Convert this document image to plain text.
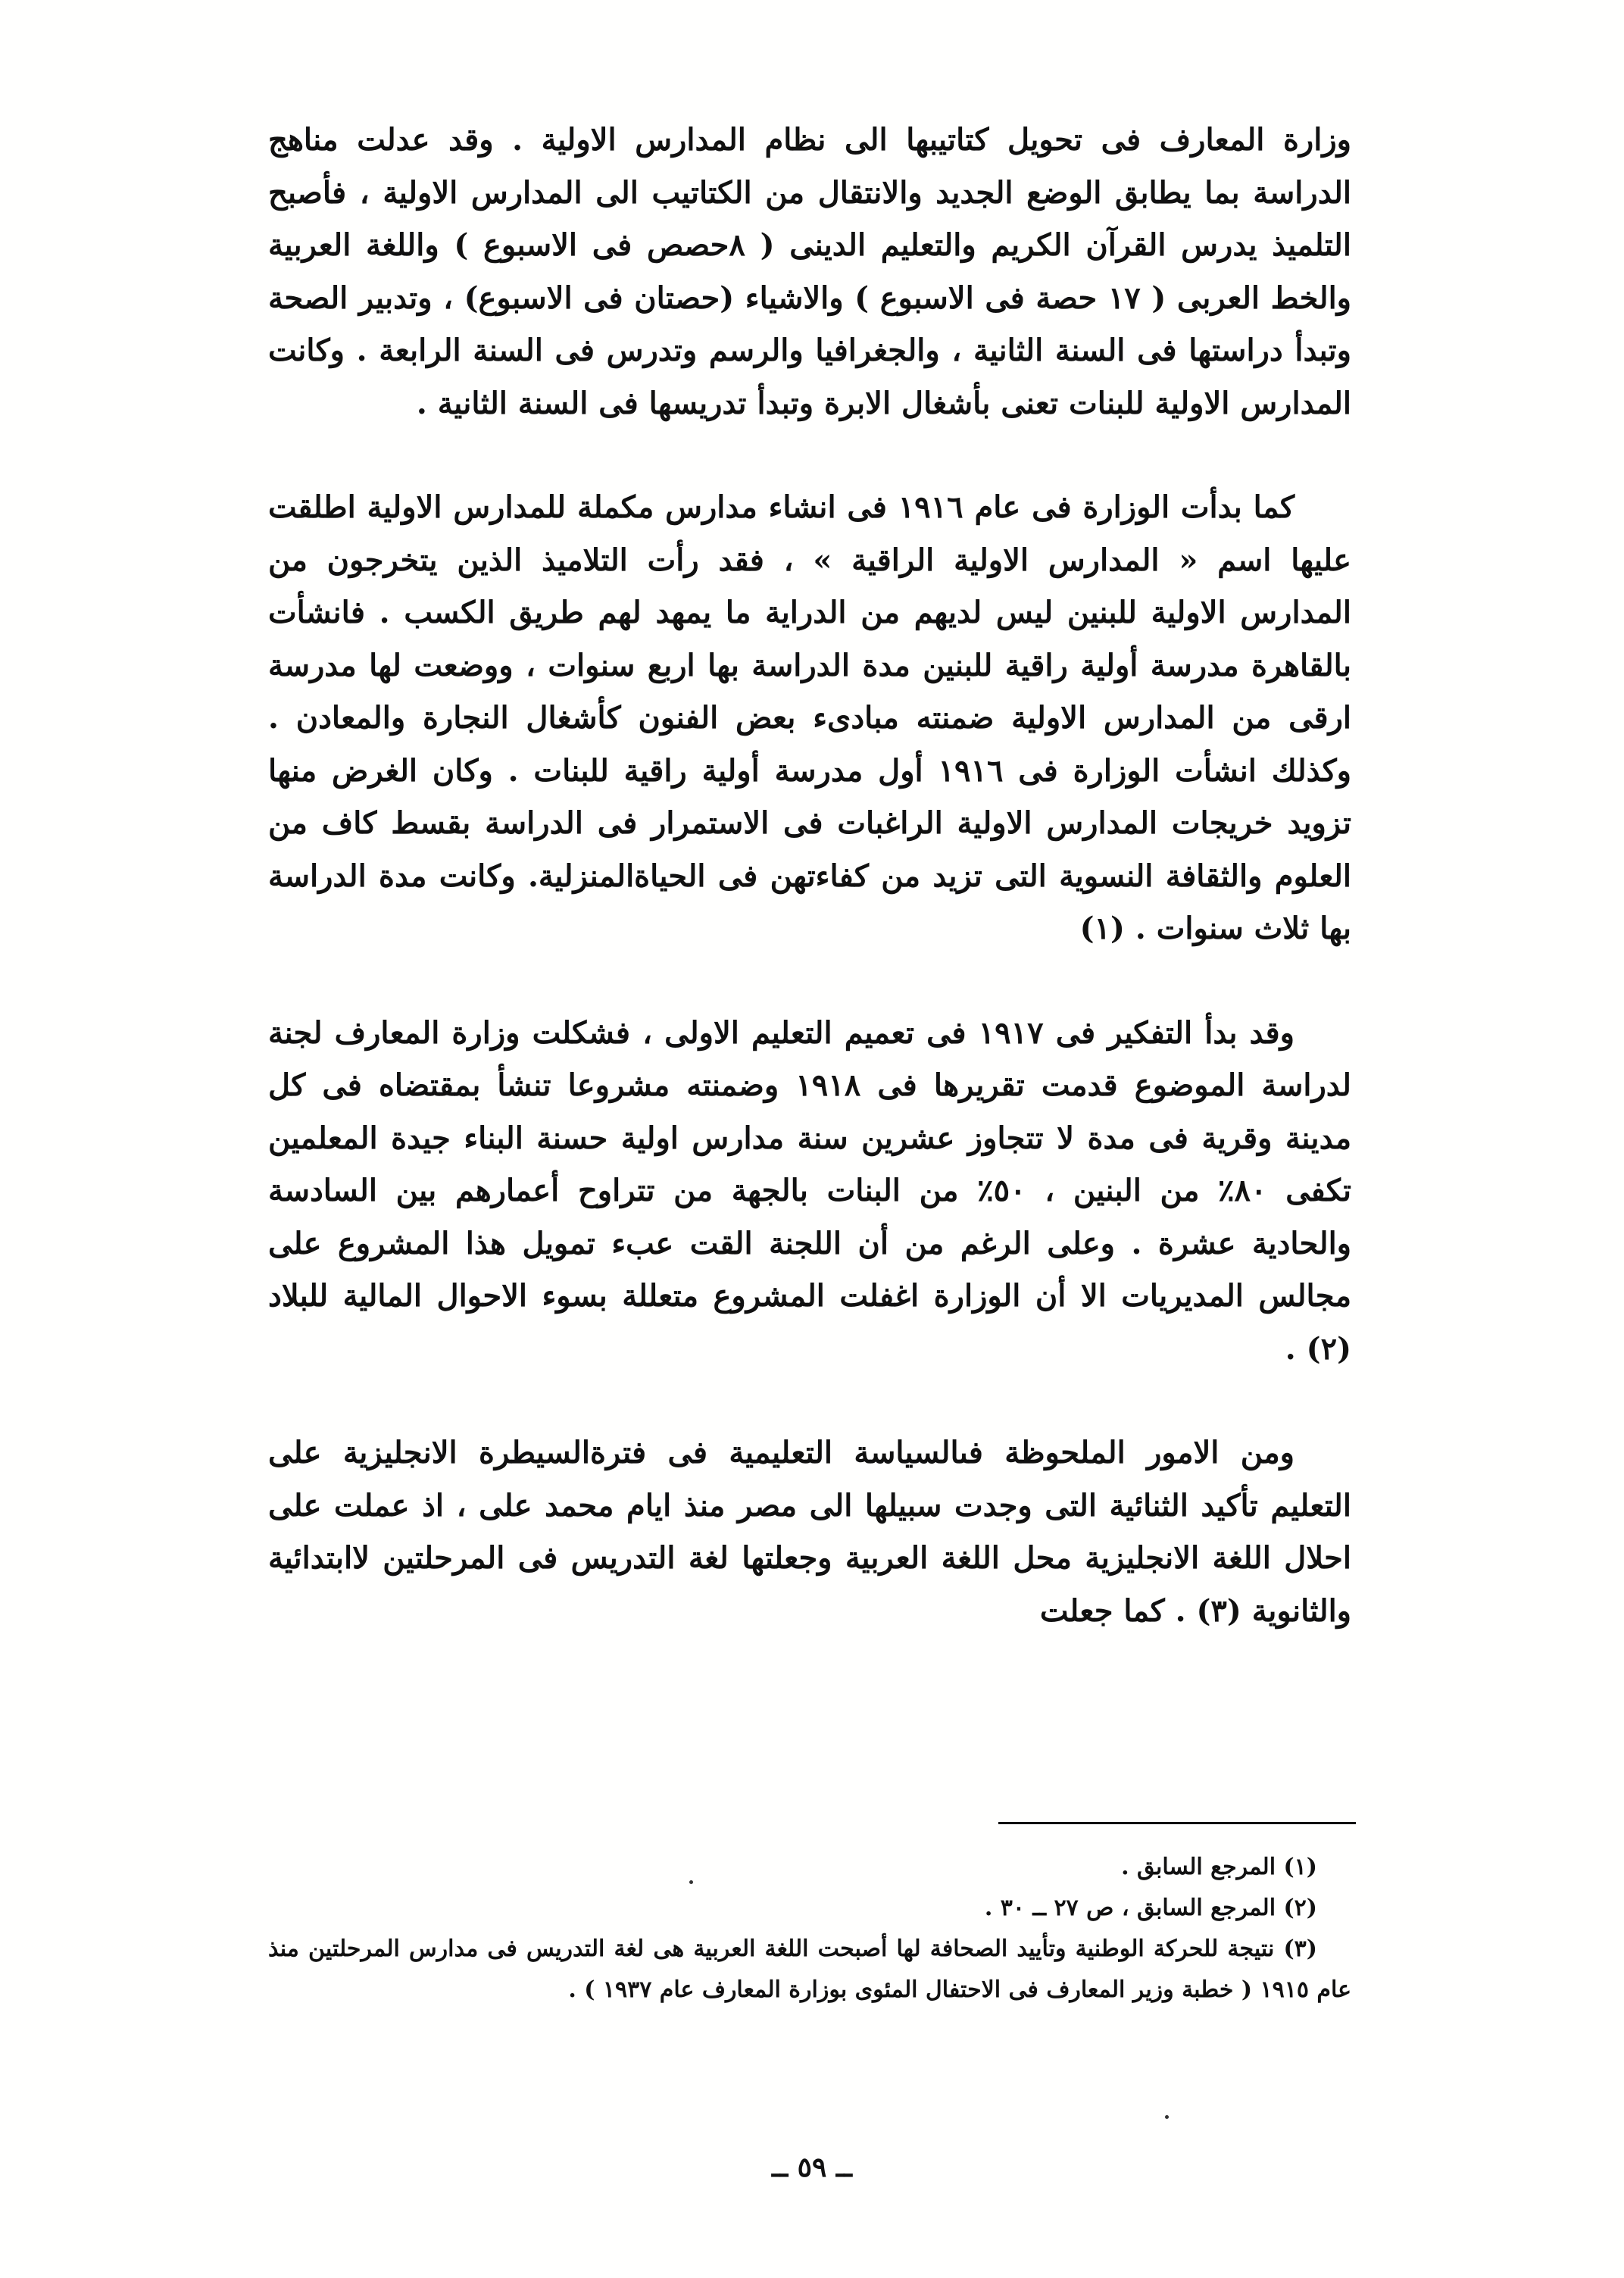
وزارة المعارف فى تحويل كتاتيبها الى نظام المدارس الاولية . وقد عدلت مناهج الدراسة بما يطابق الوضع الجديد والانتقال من الكتاتيب الى المدارس الاولية ، فأصبح التلميذ يدرس القرآن الكريم والتعليم الدينى ( ٨حصص فى الاسبوع ) واللغة العربية والخط العربى ( ١٧ حصة فى الاسبوع ) والاشياء (حصتان فى الاسبوع) ، وتدبير الصحة وتبدأ دراستها فى السنة الثانية ، والجغرافيا والرسم وتدرس فى السنة الرابعة . وكانت المدارس الاولية للبنات تعنى بأشغال الابرة وتبدأ تدريسها فى السنة الثانية .

كما بدأت الوزارة فى عام ١٩١٦ فى انشاء مدارس مكملة للمدارس الاولية اطلقت عليها اسم « المدارس الاولية الراقية » ، فقد رأت التلاميذ الذين يتخرجون من المدارس الاولية للبنين ليس لديهم من الدراية ما يمهد لهم طريق الكسب . فانشأت بالقاهرة مدرسة أولية راقية للبنين مدة الدراسة بها اربع سنوات ، ووضعت لها مدرسة ارقى من المدارس الاولية ضمنته مبادىء بعض الفنون كأشغال النجارة والمعادن . وكذلك انشأت الوزارة فى ١٩١٦ أول مدرسة أولية راقية للبنات . وكان الغرض منها تزويد خريجات المدارس الاولية الراغبات فى الاستمرار فى الدراسة بقسط كاف من العلوم والثقافة النسوية التى تزيد من كفاءتهن فى الحياةالمنزلية. وكانت مدة الدراسة بها ثلاث سنوات . (١)

وقد بدأ التفكير فى ١٩١٧ فى تعميم التعليم الاولى ، فشكلت وزارة المعارف لجنة لدراسة الموضوع قدمت تقريرها فى ١٩١٨ وضمنته مشروعا تنشأ بمقتضاه فى كل مدينة وقرية فى مدة لا تتجاوز عشرين سنة مدارس اولية حسنة البناء جيدة المعلمين تكفى ٨٠٪ من البنين ، ٥٠٪ من البنات بالجهة من تتراوح أعمارهم بين السادسة والحادية عشرة . وعلى الرغم من أن اللجنة القت عبء تمويل هذا المشروع على مجالس المديريات الا أن الوزارة اغفلت المشروع متعللة بسوء الاحوال المالية للبلاد (٢) .

ومن الامور الملحوظة فىالسياسة التعليمية فى فترةالسيطرة الانجليزية على التعليم تأكيد الثنائية التى وجدت سبيلها الى مصر منذ ايام محمد على ، اذ عملت على احلال اللغة الانجليزية محل اللغة العربية وجعلتها لغة التدريس فى المرحلتين لاابتدائية والثانوية (٣) . كما جعلت

(١) المرجع السابق .

(٢) المرجع السابق ، ص ٢٧ ــ ٣٠ .

(٣) نتيجة للحركة الوطنية وتأييد الصحافة لها أصبحت اللغة العربية هى لغة التدريس فى مدارس المرحلتين منذ عام ١٩١٥ ( خطبة وزير المعارف فى الاحتفال المئوى بوزارة المعارف عام ١٩٣٧ ) .

ــ ٥٩ ــ
